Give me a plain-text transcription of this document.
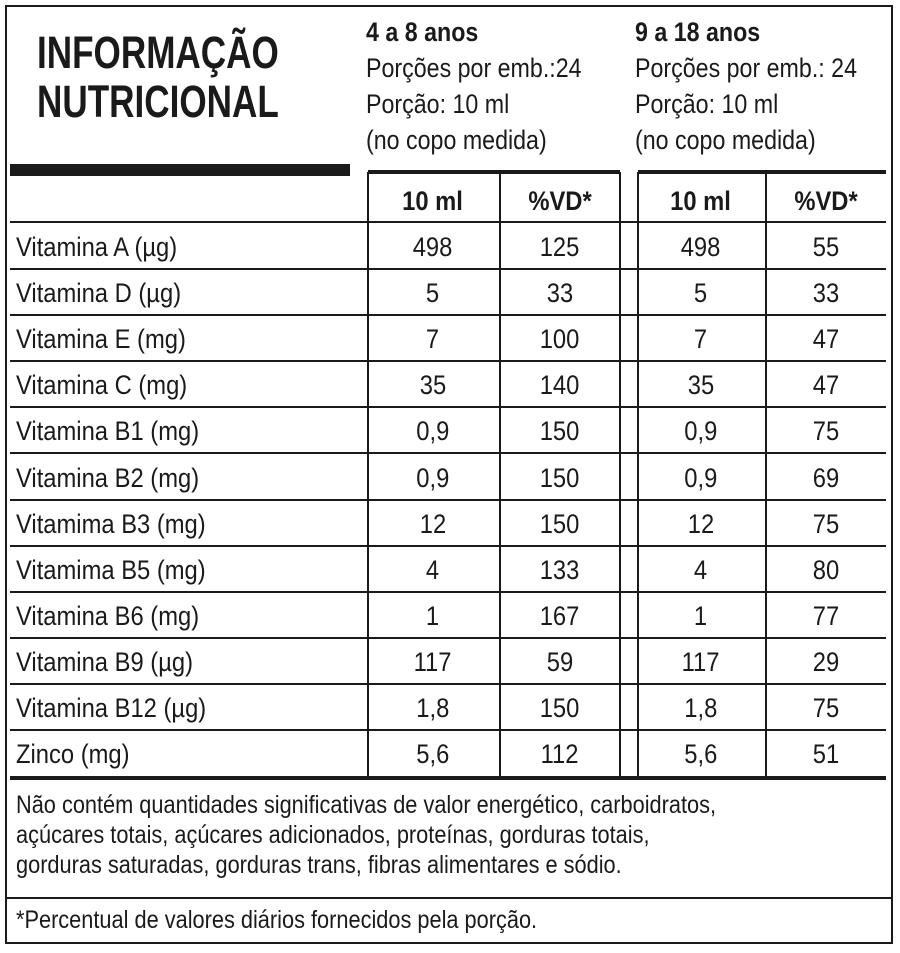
INFORMAÇÃO
NUTRICIONAL
4 a 8 anos
Porções por emb.:24
Porção: 10 ml
(no copo medida)
9 a 18 anos
Porções por emb.: 24
Porção: 10 ml
(no copo medida)
10 ml	%VD*	10 ml	%VD*
Vitamina A (µg)	498	125	498	55
Vitamina D (µg)	5	33	5	33
Vitamina E (mg)	7	100	7	47
Vitamina C (mg)	35	140	35	47
Vitamina B1 (mg)	0,9	150	0,9	75
Vitamina B2 (mg)	0,9	150	0,9	69
Vitamima B3 (mg)	12	150	12	75
Vitamima B5 (mg)	4	133	4	80
Vitamina B6 (mg)	1	167	1	77
Vitamina B9 (µg)	117	59	117	29
Vitamina B12 (µg)	1,8	150	1,8	75
Zinco (mg)	5,6	112	5,6	51
Não contém quantidades significativas de valor energético, carboidratos,
açúcares totais, açúcares adicionados, proteínas, gorduras totais,
gorduras saturadas, gorduras trans, fibras alimentares e sódio.
*Percentual de valores diários fornecidos pela porção.
